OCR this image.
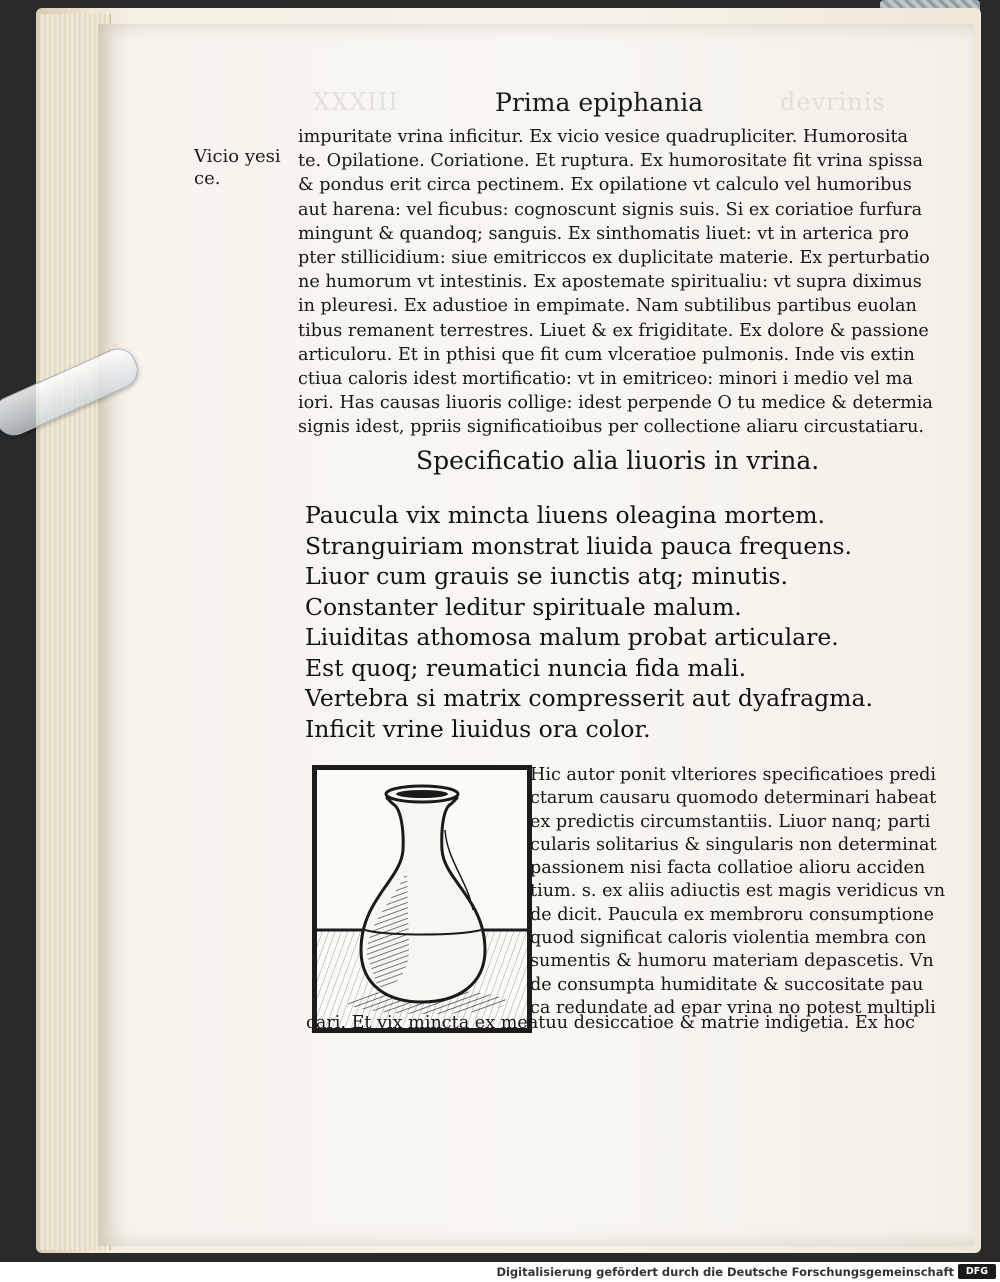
XXXIII	devrinis
Prima epiphania
Vicio yesi
ce.
impuritate vrina inficitur. Ex vicio vesice quadrupliciter. Humorosita
te. Opilatione. Coriatione. Et ruptura. Ex humorositate fit vrina spissa
& pondus erit circa pectinem. Ex opilatione vt calculo vel humoribus
aut harena: vel ficubus: cognoscunt signis suis. Si ex coriatioe furfura
mingunt & quandoq; sanguis. Ex sinthomatis liuet: vt in arterica pro
pter stillicidium: siue emitriccos ex duplicitate materie. Ex perturbatio
ne humorum vt intestinis. Ex apostemate spiritualiu: vt supra diximus
in pleuresi. Ex adustioe in empimate. Nam subtilibus partibus euolan
tibus remanent terrestres. Liuet & ex frigiditate. Ex dolore & passione
articuloru. Et in pthisi que fit cum vlceratioe pulmonis. Inde vis extin
ctiua caloris idest mortificatio: vt in emitriceo: minori i medio vel ma
iori. Has causas liuoris collige: idest perpende O tu medice & determia
signis idest, ppriis significatioibus per collectione aliaru circustatiaru.
Specificatio alia liuoris in vrina.
Paucula vix mincta liuens oleagina mortem.
Stranguiriam monstrat liuida pauca frequens.
Liuor cum grauis se iunctis atq; minutis.
Constanter leditur spirituale malum.
Liuiditas athomosa malum probat articulare.
Est quoq; reumatici nuncia fida mali.
Vertebra si matrix compresserit aut dyafragma.
Inficit vrine liuidus ora color.
Hic autor ponit vlteriores specificatioes predi
ctarum causaru quomodo determinari habeat
ex predictis circumstantiis. Liuor nanq; parti
cularis solitarius & singularis non determinat
passionem nisi facta collatioe alioru acciden
tium. s. ex aliis adiuctis est magis veridicus vn
de dicit. Paucula ex membroru consumptione
quod significat caloris violentia membra con
sumentis & humoru materiam depascetis. Vn
de consumpta humiditate & succositate pau
ca redundate ad epar vrina no potest multipli
cari. Et vix mincta ex meatuu desiccatioe & matrie indigetia. Ex hoc
Digitalisierung gefördert durch die Deutsche Forschungsgemeinschaft	DFG
